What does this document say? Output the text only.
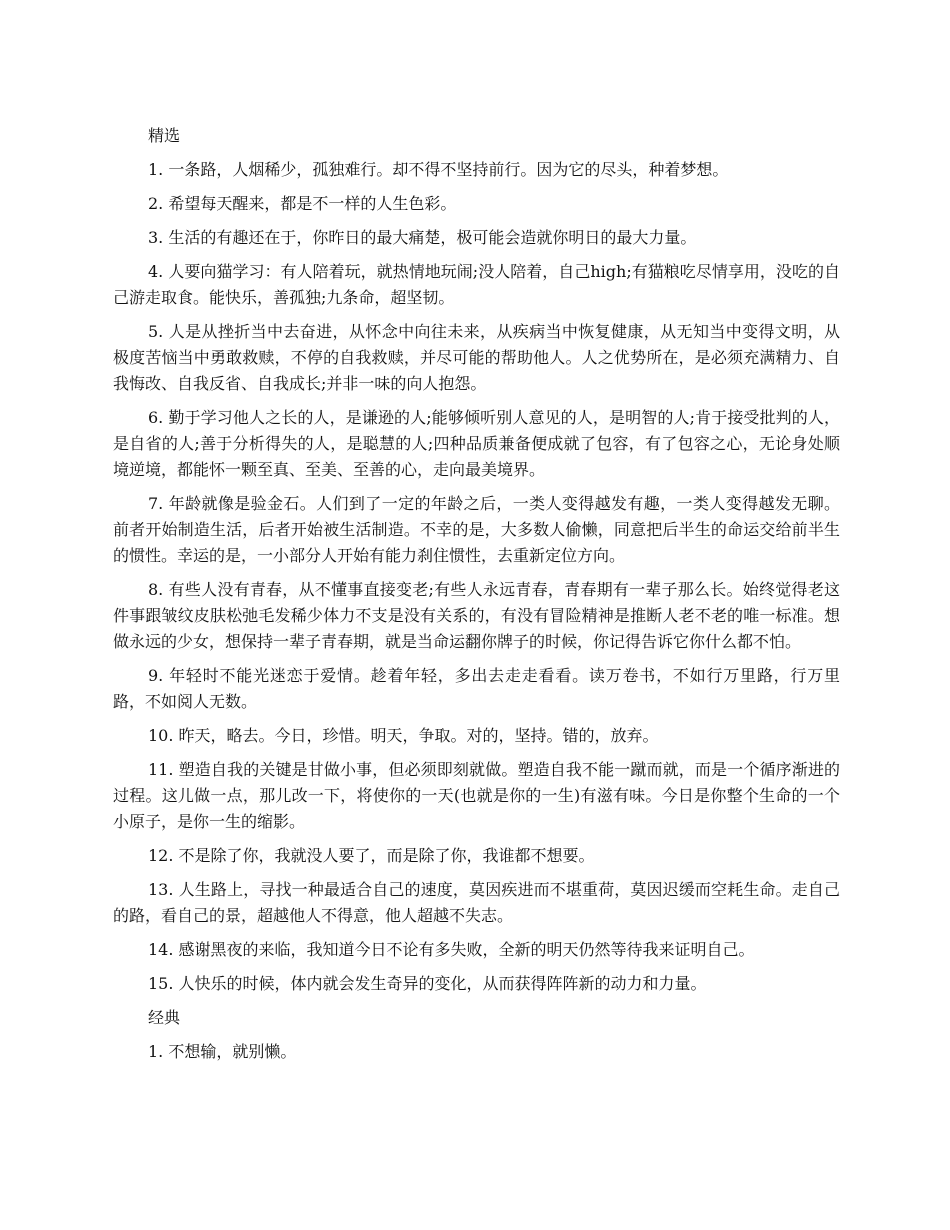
精选

1. 一条路，人烟稀少，孤独难行。却不得不坚持前行。因为它的尽头，种着梦想。

2. 希望每天醒来，都是不一样的人生色彩。

3. 生活的有趣还在于，你昨日的最大痛楚，极可能会造就你明日的最大力量。

4. 人要向猫学习：有人陪着玩，就热情地玩闹;没人陪着，自己high;有猫粮吃尽情享用，没吃的自己游走取食。能快乐，善孤独;九条命，超坚韧。

5. 人是从挫折当中去奋进，从怀念中向往未来，从疾病当中恢复健康，从无知当中变得文明，从极度苦恼当中勇敢救赎，不停的自我救赎，并尽可能的帮助他人。人之优势所在，是必须充满精力、自我悔改、自我反省、自我成长;并非一味的向人抱怨。

6. 勤于学习他人之长的人，是谦逊的人;能够倾听别人意见的人，是明智的人;肯于接受批判的人，是自省的人;善于分析得失的人，是聪慧的人;四种品质兼备便成就了包容，有了包容之心，无论身处顺境逆境，都能怀一颗至真、至美、至善的心，走向最美境界。

7. 年龄就像是验金石。人们到了一定的年龄之后，一类人变得越发有趣，一类人变得越发无聊。前者开始制造生活，后者开始被生活制造。不幸的是，大多数人偷懒，同意把后半生的命运交给前半生的惯性。幸运的是，一小部分人开始有能力刹住惯性，去重新定位方向。

8. 有些人没有青春，从不懂事直接变老;有些人永远青春，青春期有一辈子那么长。始终觉得老这件事跟皱纹皮肤松弛毛发稀少体力不支是没有关系的，有没有冒险精神是推断人老不老的唯一标准。想做永远的少女，想保持一辈子青春期，就是当命运翻你牌子的时候，你记得告诉它你什么都不怕。

9. 年轻时不能光迷恋于爱情。趁着年轻，多出去走走看看。读万卷书，不如行万里路，行万里路，不如阅人无数。

10. 昨天，略去。今日，珍惜。明天，争取。对的，坚持。错的，放弃。

11. 塑造自我的关键是甘做小事，但必须即刻就做。塑造自我不能一蹴而就，而是一个循序渐进的过程。这儿做一点，那儿改一下，将使你的一天(也就是你的一生)有滋有味。今日是你整个生命的一个小原子，是你一生的缩影。

12. 不是除了你，我就没人要了，而是除了你，我谁都不想要。

13. 人生路上，寻找一种最适合自己的速度，莫因疾进而不堪重荷，莫因迟缓而空耗生命。走自己的路，看自己的景，超越他人不得意，他人超越不失志。

14. 感谢黑夜的来临，我知道今日不论有多失败，全新的明天仍然等待我来证明自己。

15. 人快乐的时候，体内就会发生奇异的变化，从而获得阵阵新的动力和力量。

经典

1. 不想输，就别懒。
